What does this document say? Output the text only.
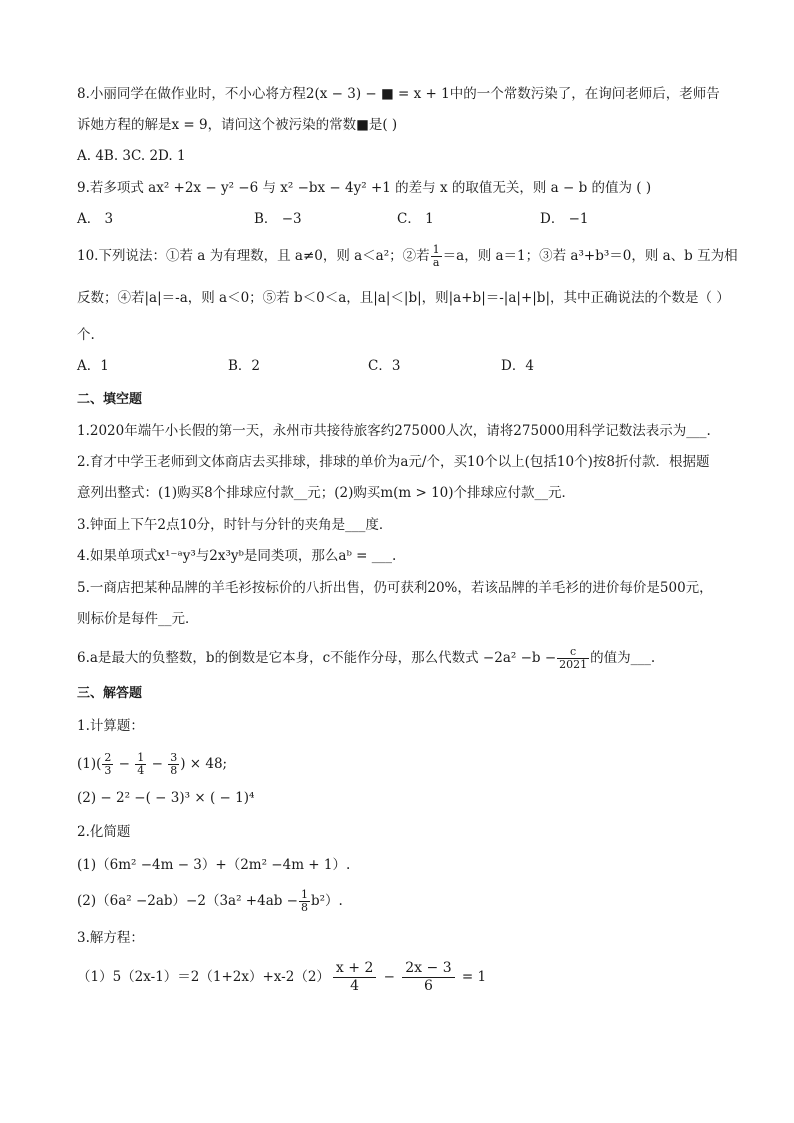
8.小丽同学在做作业时，不小心将方程2(x − 3) − ■ = x + 1中的一个常数污染了，在询问老师后，老师告
诉她方程的解是x = 9，请问这个被污染的常数■是( )
A. 4B. 3C. 2D. 1
9.若多项式 ax² +2x − y² −6 与 x² −bx − 4y² +1 的差与 x 的取值无关，则 a − b 的值为 ( )
A． 3	B． −3	C． 1	D． −1
10.下列说法：①若 a 为有理数，且 a≠0，则 a＜a²；②若 $\frac{1}{a} =a$，则 a＝1；③若 a³+b³＝0，则 a、b 互为相
反数；④若|a|＝-a，则 a＜0；⑤若 b＜0＜a，且|a|＜|b|，则|a+b|＝-|a|+|b|，其中正确说法的个数是（ ）
个.
A．1	B．2	C．3	D．4
二、填空题
1.2020年端午小长假的第一天，永州市共接待旅客约275000人次，请将275000用科学记数法表示为___.
2.育才中学王老师到文体商店去买排球，排球的单价为a元/个，买10个以上(包括10个)按8折付款．根据题
意列出整式：(1)购买8个排球应付款__元；(2)购买m(m > 10)个排球应付款__元．
3.钟面上下午2点10分，时针与分针的夹角是___度．
4.如果单项式x¹⁻ᵃy³与2x³yᵇ是同类项，那么aᵇ = ___.
5.一商店把某种品牌的羊毛衫按标价的八折出售，仍可获利20%，若该品牌的羊毛衫的进价每价是500元，
则标价是每件__元．
6.a是最大的负整数，b的倒数是它本身，c不能作分母，那么代数式 $-2a^2 -b - \frac{c}{2021}$ 的值为___.
三、解答题
1.计算题：
$(1)( \frac{2}{3} - \frac{1}{4} - \frac{3}{8}$ ) × 48;
(2) − 2² −( − 3)³ × ( − 1)⁴
2.化简题
(1)（6m² −4m − 3）+（2m² −4m + 1）.
$(2)(6a^2 -2ab)-2(3a^2 +4ab - \frac{1}{8} b^2)$.
3.解方程：
$(1)5(2x-1)=2(1+2x)+x-2(2) \frac{x + 2}{4} - \frac{2x - 3}{6} = 1$
